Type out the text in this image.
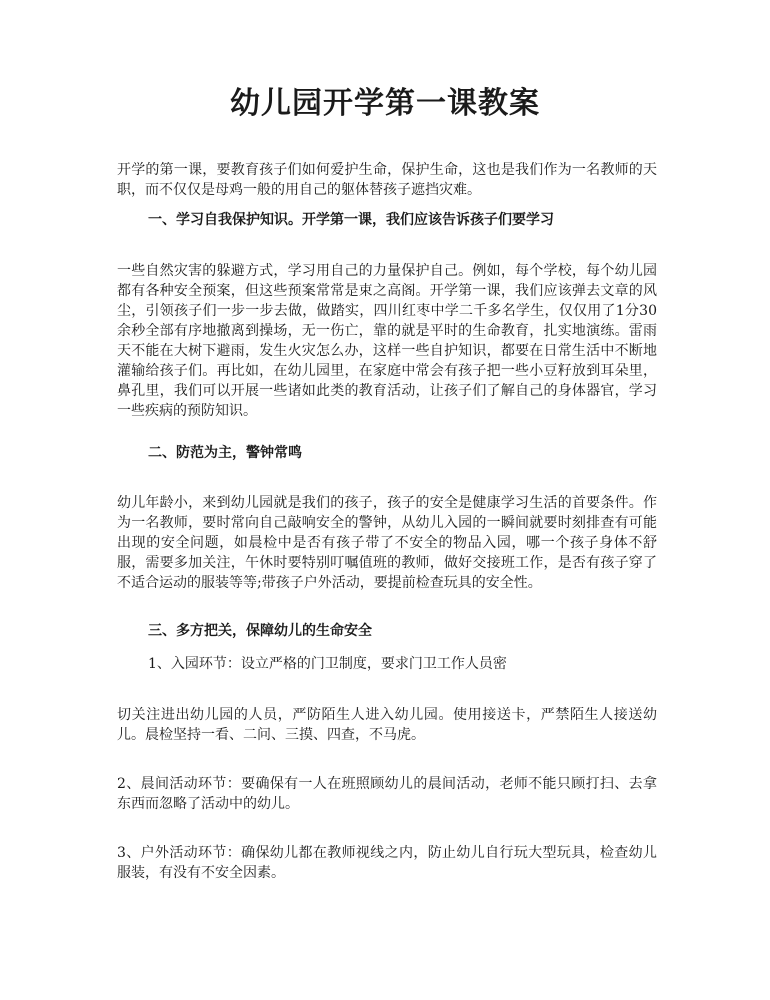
幼儿园开学第一课教案

开学的第一课，要教育孩子们如何爱护生命，保护生命，这也是我们作为一名教师的天职，而不仅仅是母鸡一般的用自己的躯体替孩子遮挡灾难。

一、学习自我保护知识。开学第一课，我们应该告诉孩子们要学习

一些自然灾害的躲避方式，学习用自己的力量保护自己。例如，每个学校，每个幼儿园都有各种安全预案，但这些预案常常是束之高阁。开学第一课，我们应该弹去文章的风尘，引领孩子们一步一步去做，做踏实，四川红枣中学二千多名学生，仅仅用了1分30余秒全部有序地撤离到操场，无一伤亡，靠的就是平时的生命教育，扎实地演练。雷雨天不能在大树下避雨，发生火灾怎么办，这样一些自护知识，都要在日常生活中不断地灌输给孩子们。再比如，在幼儿园里，在家庭中常会有孩子把一些小豆籽放到耳朵里，鼻孔里，我们可以开展一些诸如此类的教育活动，让孩子们了解自己的身体器官，学习一些疾病的预防知识。

二、防范为主，警钟常鸣

幼儿年龄小，来到幼儿园就是我们的孩子，孩子的安全是健康学习生活的首要条件。作为一名教师，要时常向自己敲响安全的警钟，从幼儿入园的一瞬间就要时刻排查有可能出现的安全问题，如晨检中是否有孩子带了不安全的物品入园，哪一个孩子身体不舒服，需要多加关注，午休时要特别叮嘱值班的教师，做好交接班工作，是否有孩子穿了不适合运动的服装等等;带孩子户外活动，要提前检查玩具的安全性。

三、多方把关，保障幼儿的生命安全

1、入园环节：设立严格的门卫制度，要求门卫工作人员密

切关注进出幼儿园的人员，严防陌生人进入幼儿园。使用接送卡，严禁陌生人接送幼儿。晨检坚持一看、二问、三摸、四查，不马虎。

2、晨间活动环节：要确保有一人在班照顾幼儿的晨间活动，老师不能只顾打扫、去拿东西而忽略了活动中的幼儿。

3、户外活动环节：确保幼儿都在教师视线之内，防止幼儿自行玩大型玩具，检查幼儿服装，有没有不安全因素。
